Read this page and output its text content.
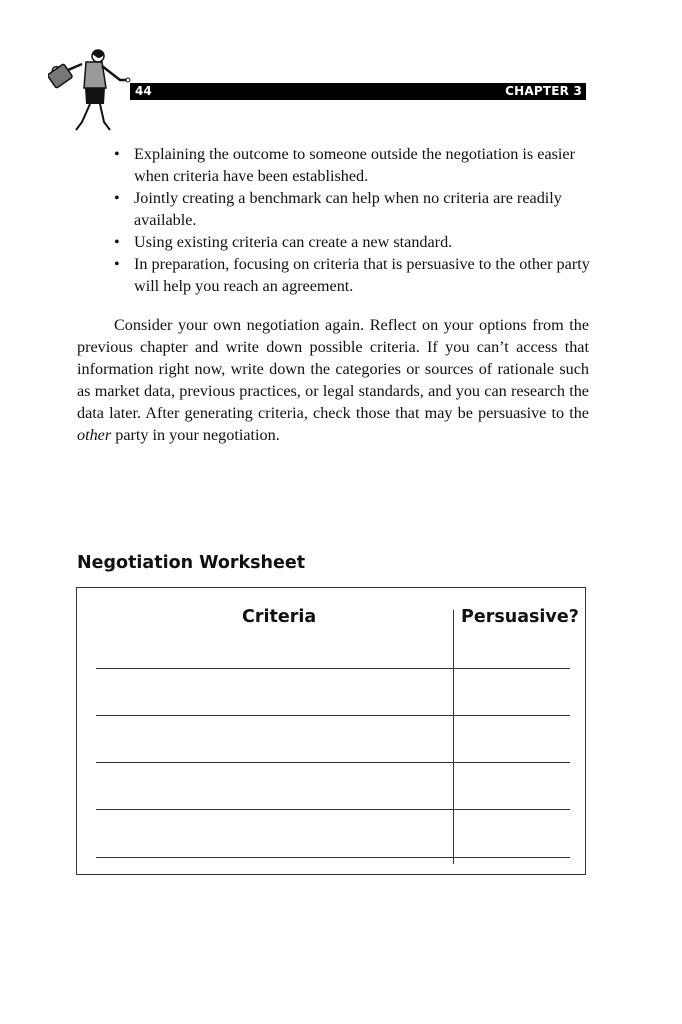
44	CHAPTER 3
• Explaining the outcome to someone outside the negotiation is easier when criteria have been established.
• Jointly creating a benchmark can help when no criteria are readily available.
• Using existing criteria can create a new standard.
• In preparation, focusing on criteria that is persuasive to the other party will help you reach an agreement.

Consider your own negotiation again. Reflect on your options from the previous chapter and write down possible criteria. If you can’t access that information right now, write down the categories or sources of rationale such as market data, previous practices, or legal standards, and you can research the data later. After generating criteria, check those that may be persuasive to the other party in your negotiation.

Negotiation Worksheet
Criteria	Persuasive?
